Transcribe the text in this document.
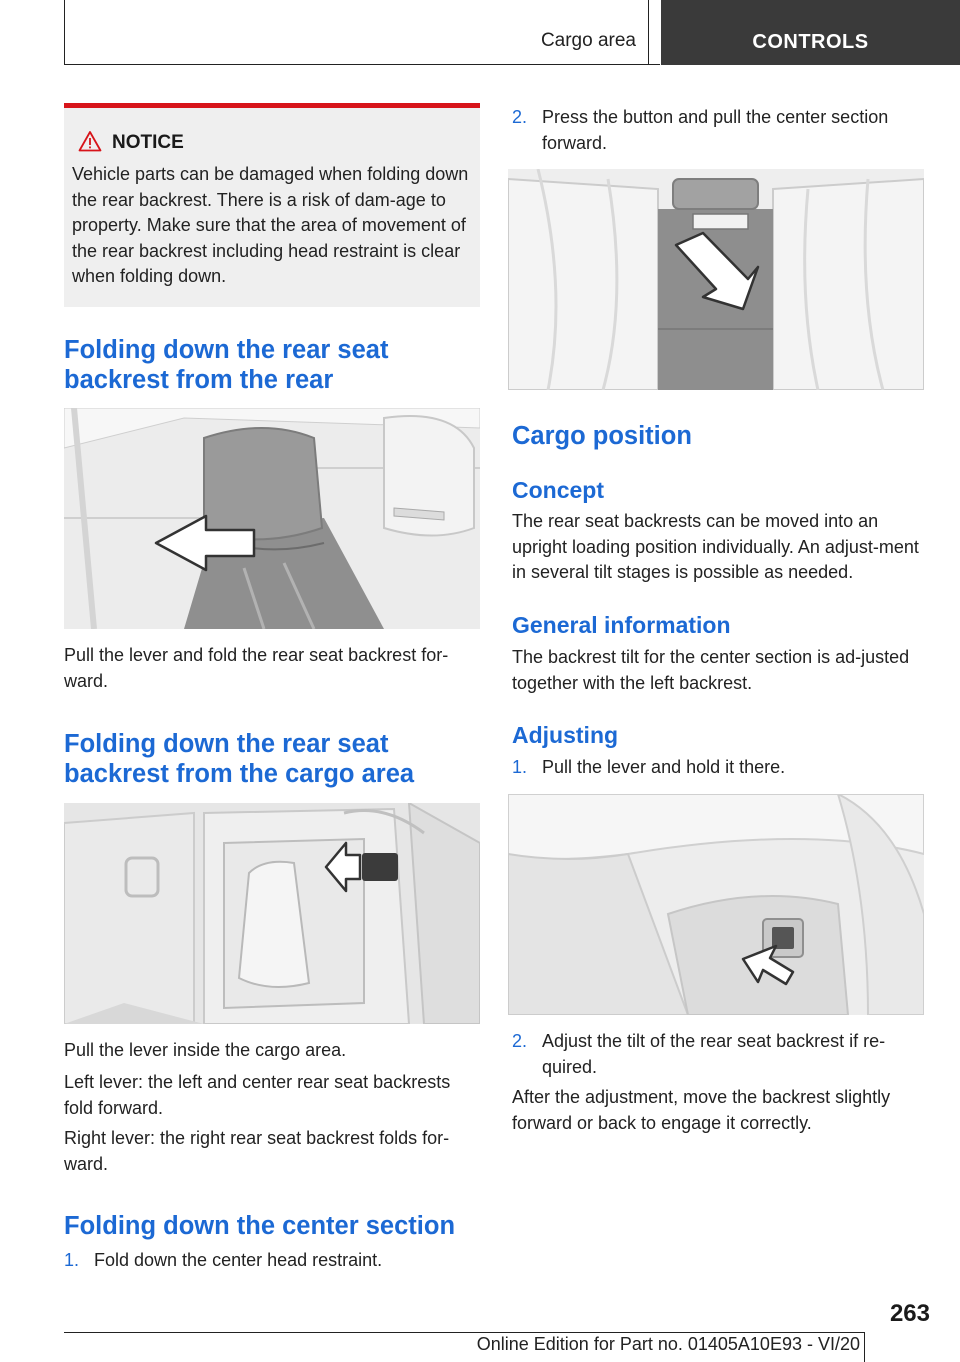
Cargo area	CONTROLS
NOTICE
Vehicle parts can be damaged when folding down the rear backrest. There is a risk of dam-age to property. Make sure that the area of movement of the rear backrest including head restraint is clear when folding down.
Folding down the rear seat backrest from the rear
Pull the lever and fold the rear seat backrest for-ward.
Folding down the rear seat backrest from the cargo area
Pull the lever inside the cargo area.
Left lever: the left and center rear seat backrests fold forward.
Right lever: the right rear seat backrest folds for-ward.
Folding down the center section
1. Fold down the center head restraint.
2. Press the button and pull the center section forward.
Cargo position
Concept
The rear seat backrests can be moved into an upright loading position individually. An adjust-ment in several tilt stages is possible as needed.
General information
The backrest tilt for the center section is ad-justed together with the left backrest.
Adjusting
1. Pull the lever and hold it there.
2. Adjust the tilt of the rear seat backrest if re-quired.
After the adjustment, move the backrest slightly forward or back to engage it correctly.
263
Online Edition for Part no. 01405A10E93 - VI/20
